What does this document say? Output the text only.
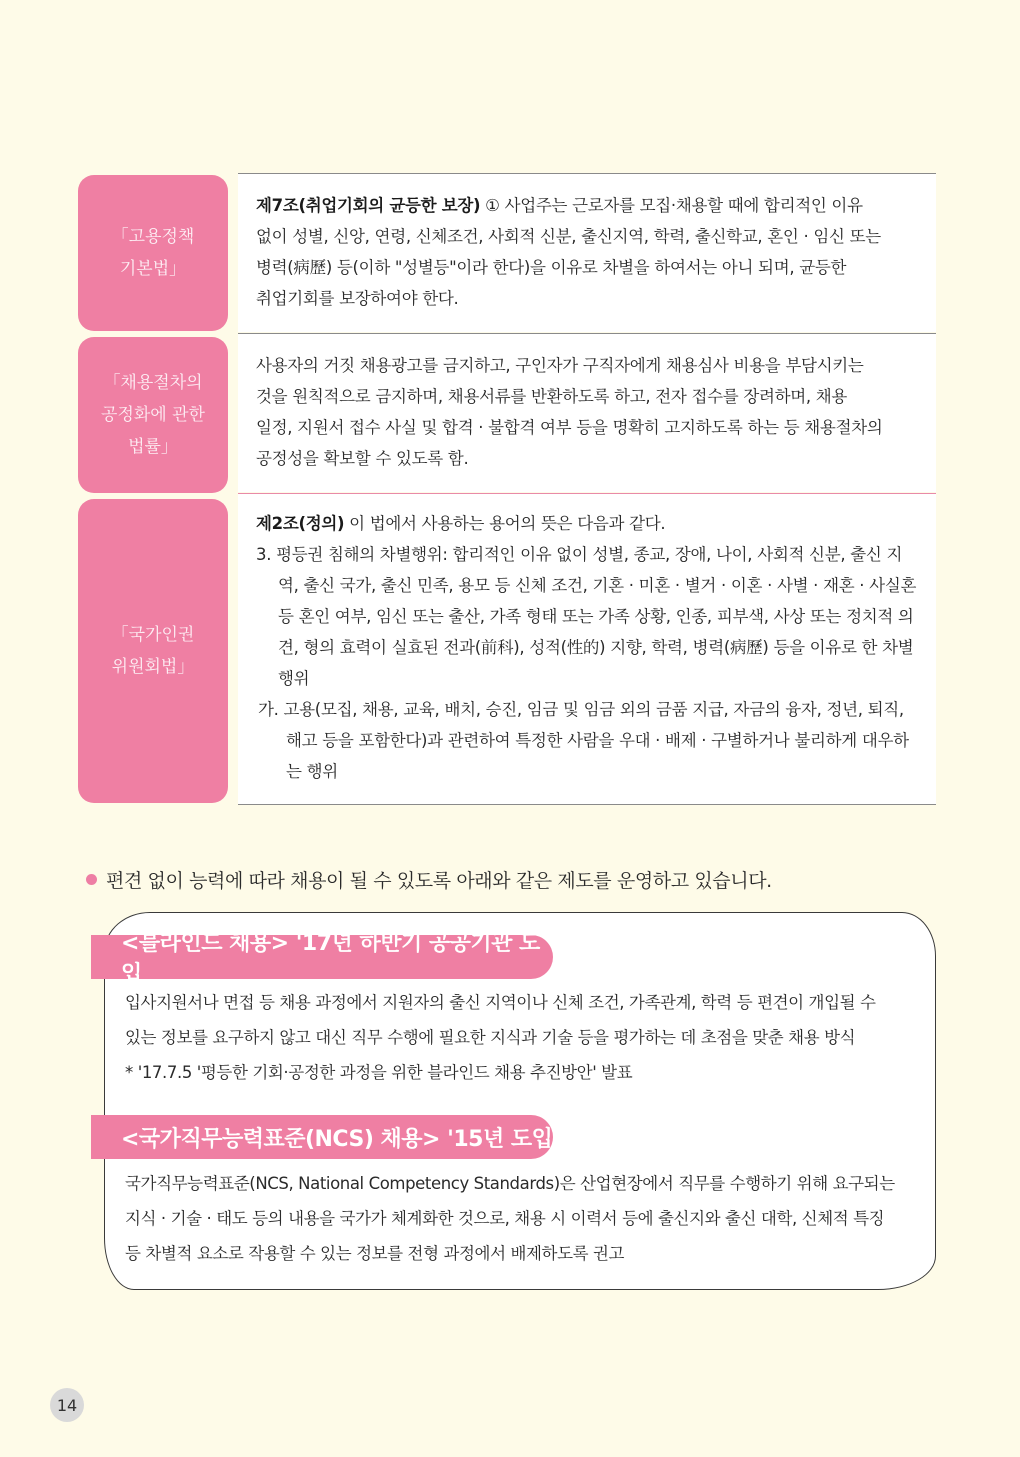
「고용정책
기본법」

제7조(취업기회의 균등한 보장) ① 사업주는 근로자를 모집·채용할 때에 합리적인 이유

없이 성별, 신앙, 연령, 신체조건, 사회적 신분, 출신지역, 학력, 출신학교, 혼인 · 임신 또는

병력(病歷) 등(이하 "성별등"이라 한다)을 이유로 차별을 하여서는 아니 되며, 균등한

취업기회를 보장하여야 한다.

「채용절차의
공정화에 관한
법률」

사용자의 거짓 채용광고를 금지하고, 구인자가 구직자에게 채용심사 비용을 부담시키는

것을 원칙적으로 금지하며, 채용서류를 반환하도록 하고, 전자 접수를 장려하며, 채용

일정, 지원서 접수 사실 및 합격 · 불합격 여부 등을 명확히 고지하도록 하는 등 채용절차의

공정성을 확보할 수 있도록 함.

「국가인권
위원회법」

제2조(정의) 이 법에서 사용하는 용어의 뜻은 다음과 같다.

3. 평등권 침해의 차별행위: 합리적인 이유 없이 성별, 종교, 장애, 나이, 사회적 신분, 출신 지역, 출신 국가, 출신 민족, 용모 등 신체 조건, 기혼 · 미혼 · 별거 · 이혼 · 사별 · 재혼 · 사실혼 등 혼인 여부, 임신 또는 출산, 가족 형태 또는 가족 상황, 인종, 피부색, 사상 또는 정치적 의견, 형의 효력이 실효된 전과(前科), 성적(性的) 지향, 학력, 병력(病歷) 등을 이유로 한 차별행위

가. 고용(모집, 채용, 교육, 배치, 승진, 임금 및 임금 외의 금품 지급, 자금의 융자, 정년, 퇴직, 해고 등을 포함한다)과 관련하여 특정한 사람을 우대 · 배제 · 구별하거나 불리하게 대우하는 행위

편견 없이 능력에 따라 채용이 될 수 있도록 아래와 같은 제도를 운영하고 있습니다.
<블라인드 채용> '17년 하반기 공공기관 도입

입사지원서나 면접 등 채용 과정에서 지원자의 출신 지역이나 신체 조건, 가족관계, 학력 등 편견이 개입될 수

있는 정보를 요구하지 않고 대신 직무 수행에 필요한 지식과 기술 등을 평가하는 데 초점을 맞춘 채용 방식

* '17.7.5 '평등한 기회·공정한 과정을 위한 블라인드 채용 추진방안' 발표

<국가직무능력표준(NCS) 채용> '15년 도입

국가직무능력표준(NCS, National Competency Standards)은 산업현장에서 직무를 수행하기 위해 요구되는

지식 · 기술 · 태도 등의 내용을 국가가 체계화한 것으로, 채용 시 이력서 등에 출신지와 출신 대학, 신체적 특징

등 차별적 요소로 작용할 수 있는 정보를 전형 과정에서 배제하도록 권고

14
